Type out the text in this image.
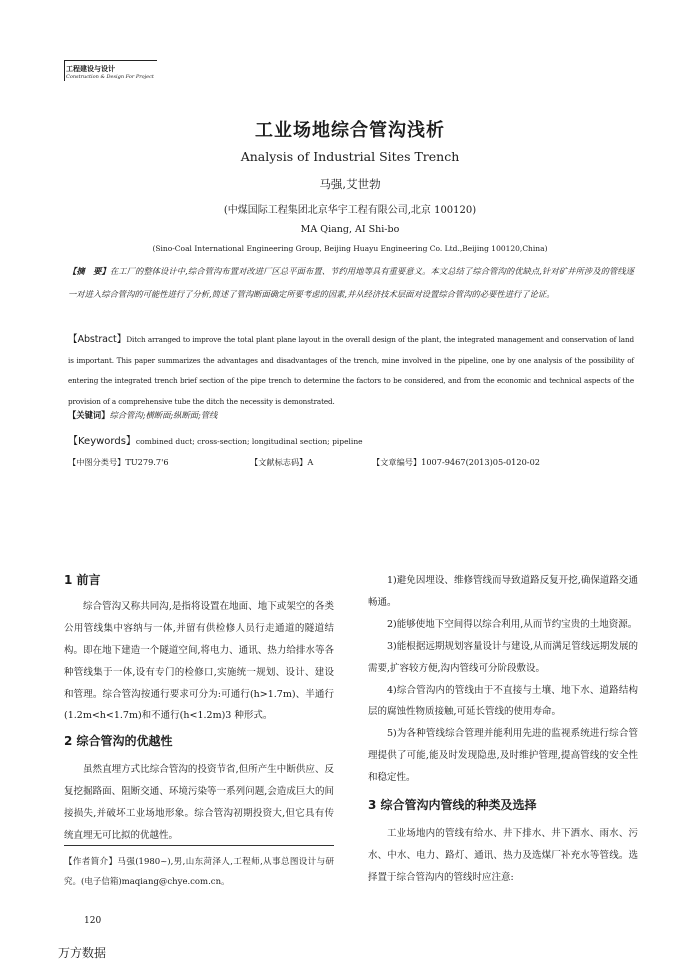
工程建设与设计
Construction & Design For Project
工业场地综合管沟浅析
Analysis of Industrial Sites Trench
马强,艾世勃
(中煤国际工程集团北京华宇工程有限公司,北京 100120)
MA Qiang, AI Shi-bo
(Sino-Coal International Engineering Group, Beijing Huayu Engineering Co. Ltd.,Beijing 100120,China)
【摘　要】在工厂的整体设计中,综合管沟布置对改进厂区总平面布置、节约用地等具有重要意义。本文总结了综合管沟的优缺点,针对矿井所涉及的管线逐一对进入综合管沟的可能性进行了分析,简述了管沟断面确定所要考虑的因素,并从经济技术层面对设置综合管沟的必要性进行了论证。
【Abstract】Ditch arranged to improve the total plant plane layout in the overall design of the plant, the integrated management and conservation of land is important. This paper summarizes the advantages and disadvantages of the trench, mine involved in the pipeline, one by one analysis of the possibility of entering the integrated trench brief section of the pipe trench to determine the factors to be considered, and from the economic and technical aspects of the provision of a comprehensive tube the ditch the necessity is demonstrated.
【关键词】综合管沟;横断面;纵断面;管线
【Keywords】combined duct; cross-section; longitudinal section; pipeline
【中图分类号】TU279.7'6	【文献标志码】A	【文章编号】1007-9467(2013)05-0120-02
1 前言

综合管沟又称共同沟,是指将设置在地面、地下或架空的各类公用管线集中容纳与一体,并留有供检修人员行走通道的隧道结构。即在地下建造一个隧道空间,将电力、通讯、热力给排水等各种管线集于一体,设有专门的检修口,实施统一规划、设计、建设和管理。综合管沟按通行要求可分为:可通行(h>1.7m)、半通行(1.2m<h<1.7m)和不通行(h<1.2m)3 种形式。

2 综合管沟的优越性

虽然直埋方式比综合管沟的投资节省,但所产生中断供应、反复挖掘路面、阻断交通、环境污染等一系列问题,会造成巨大的间接损失,并破坏工业场地形象。综合管沟初期投资大,但它具有传统直埋无可比拟的优越性。

【作者简介】马强(1980~),男,山东菏泽人,工程师,从事总图设计与研究。(电子信箱)maqiang@chye.com.cn。

1)避免因埋设、维修管线而导致道路反复开挖,确保道路交通畅通。

2)能够使地下空间得以综合利用,从而节约宝贵的土地资源。

3)能根据远期规划容量设计与建设,从而满足管线远期发展的需要,扩容较方便,沟内管线可分阶段敷设。

4)综合管沟内的管线由于不直接与土壤、地下水、道路结构层的腐蚀性物质接触,可延长管线的使用寿命。

5)为各种管线综合管理并能利用先进的监视系统进行综合管理提供了可能,能及时发现隐患,及时维护管理,提高管线的安全性和稳定性。

3 综合管沟内管线的种类及选择

工业场地内的管线有给水、井下排水、井下洒水、雨水、污水、中水、电力、路灯、通讯、热力及选煤厂补充水等管线。选择置于综合管沟内的管线时应注意:

120
万方数据
